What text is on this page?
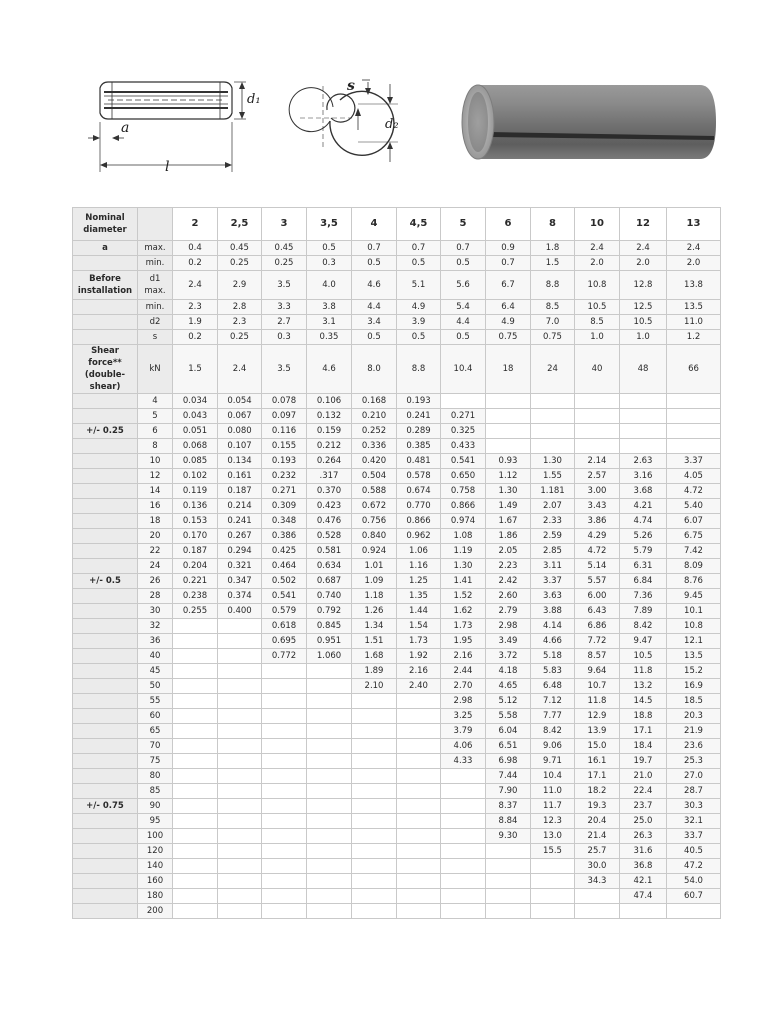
d₁
a
l
s
d₂
Nominal diameter		2	2,5	3	3,5	4	4,5	5	6	8	10	12	13
a	max.	0.4	0.45	0.45	0.5	0.7	0.7	0.7	0.9	1.8	2.4	2.4	2.4
	min.	0.2	0.25	0.25	0.3	0.5	0.5	0.5	0.7	1.5	2.0	2.0	2.0
Before installation	d1 max.	2.4	2.9	3.5	4.0	4.6	5.1	5.6	6.7	8.8	10.8	12.8	13.8
	min.	2.3	2.8	3.3	3.8	4.4	4.9	5.4	6.4	8.5	10.5	12.5	13.5
	d2	1.9	2.3	2.7	3.1	3.4	3.9	4.4	4.9	7.0	8.5	10.5	11.0
	s	0.2	0.25	0.3	0.35	0.5	0.5	0.5	0.75	0.75	1.0	1.0	1.2
Shear force** (double-shear)	kN	1.5	2.4	3.5	4.6	8.0	8.8	10.4	18	24	40	48	66
	4	0.034	0.054	0.078	0.106	0.168	0.193						
	5	0.043	0.067	0.097	0.132	0.210	0.241	0.271					
+/- 0.25	6	0.051	0.080	0.116	0.159	0.252	0.289	0.325					
	8	0.068	0.107	0.155	0.212	0.336	0.385	0.433					
	10	0.085	0.134	0.193	0.264	0.420	0.481	0.541	0.93	1.30	2.14	2.63	3.37
	12	0.102	0.161	0.232	.317	0.504	0.578	0.650	1.12	1.55	2.57	3.16	4.05
	14	0.119	0.187	0.271	0.370	0.588	0.674	0.758	1.30	1.181	3.00	3.68	4.72
	16	0.136	0.214	0.309	0.423	0.672	0.770	0.866	1.49	2.07	3.43	4.21	5.40
	18	0.153	0.241	0.348	0.476	0.756	0.866	0.974	1.67	2.33	3.86	4.74	6.07
	20	0.170	0.267	0.386	0.528	0.840	0.962	1.08	1.86	2.59	4.29	5.26	6.75
	22	0.187	0.294	0.425	0.581	0.924	1.06	1.19	2.05	2.85	4.72	5.79	7.42
	24	0.204	0.321	0.464	0.634	1.01	1.16	1.30	2.23	3.11	5.14	6.31	8.09
+/- 0.5	26	0.221	0.347	0.502	0.687	1.09	1.25	1.41	2.42	3.37	5.57	6.84	8.76
	28	0.238	0.374	0.541	0.740	1.18	1.35	1.52	2.60	3.63	6.00	7.36	9.45
	30	0.255	0.400	0.579	0.792	1.26	1.44	1.62	2.79	3.88	6.43	7.89	10.1
	32			0.618	0.845	1.34	1.54	1.73	2.98	4.14	6.86	8.42	10.8
	36			0.695	0.951	1.51	1.73	1.95	3.49	4.66	7.72	9.47	12.1
	40			0.772	1.060	1.68	1.92	2.16	3.72	5.18	8.57	10.5	13.5
	45					1.89	2.16	2.44	4.18	5.83	9.64	11.8	15.2
	50					2.10	2.40	2.70	4.65	6.48	10.7	13.2	16.9
	55							2.98	5.12	7.12	11.8	14.5	18.5
	60							3.25	5.58	7.77	12.9	18.8	20.3
	65							3.79	6.04	8.42	13.9	17.1	21.9
	70							4.06	6.51	9.06	15.0	18.4	23.6
	75							4.33	6.98	9.71	16.1	19.7	25.3
	80								7.44	10.4	17.1	21.0	27.0
	85								7.90	11.0	18.2	22.4	28.7
+/- 0.75	90								8.37	11.7	19.3	23.7	30.3
	95								8.84	12.3	20.4	25.0	32.1
	100								9.30	13.0	21.4	26.3	33.7
	120									15.5	25.7	31.6	40.5
	140										30.0	36.8	47.2
	160										34.3	42.1	54.0
	180											47.4	60.7
	200												
